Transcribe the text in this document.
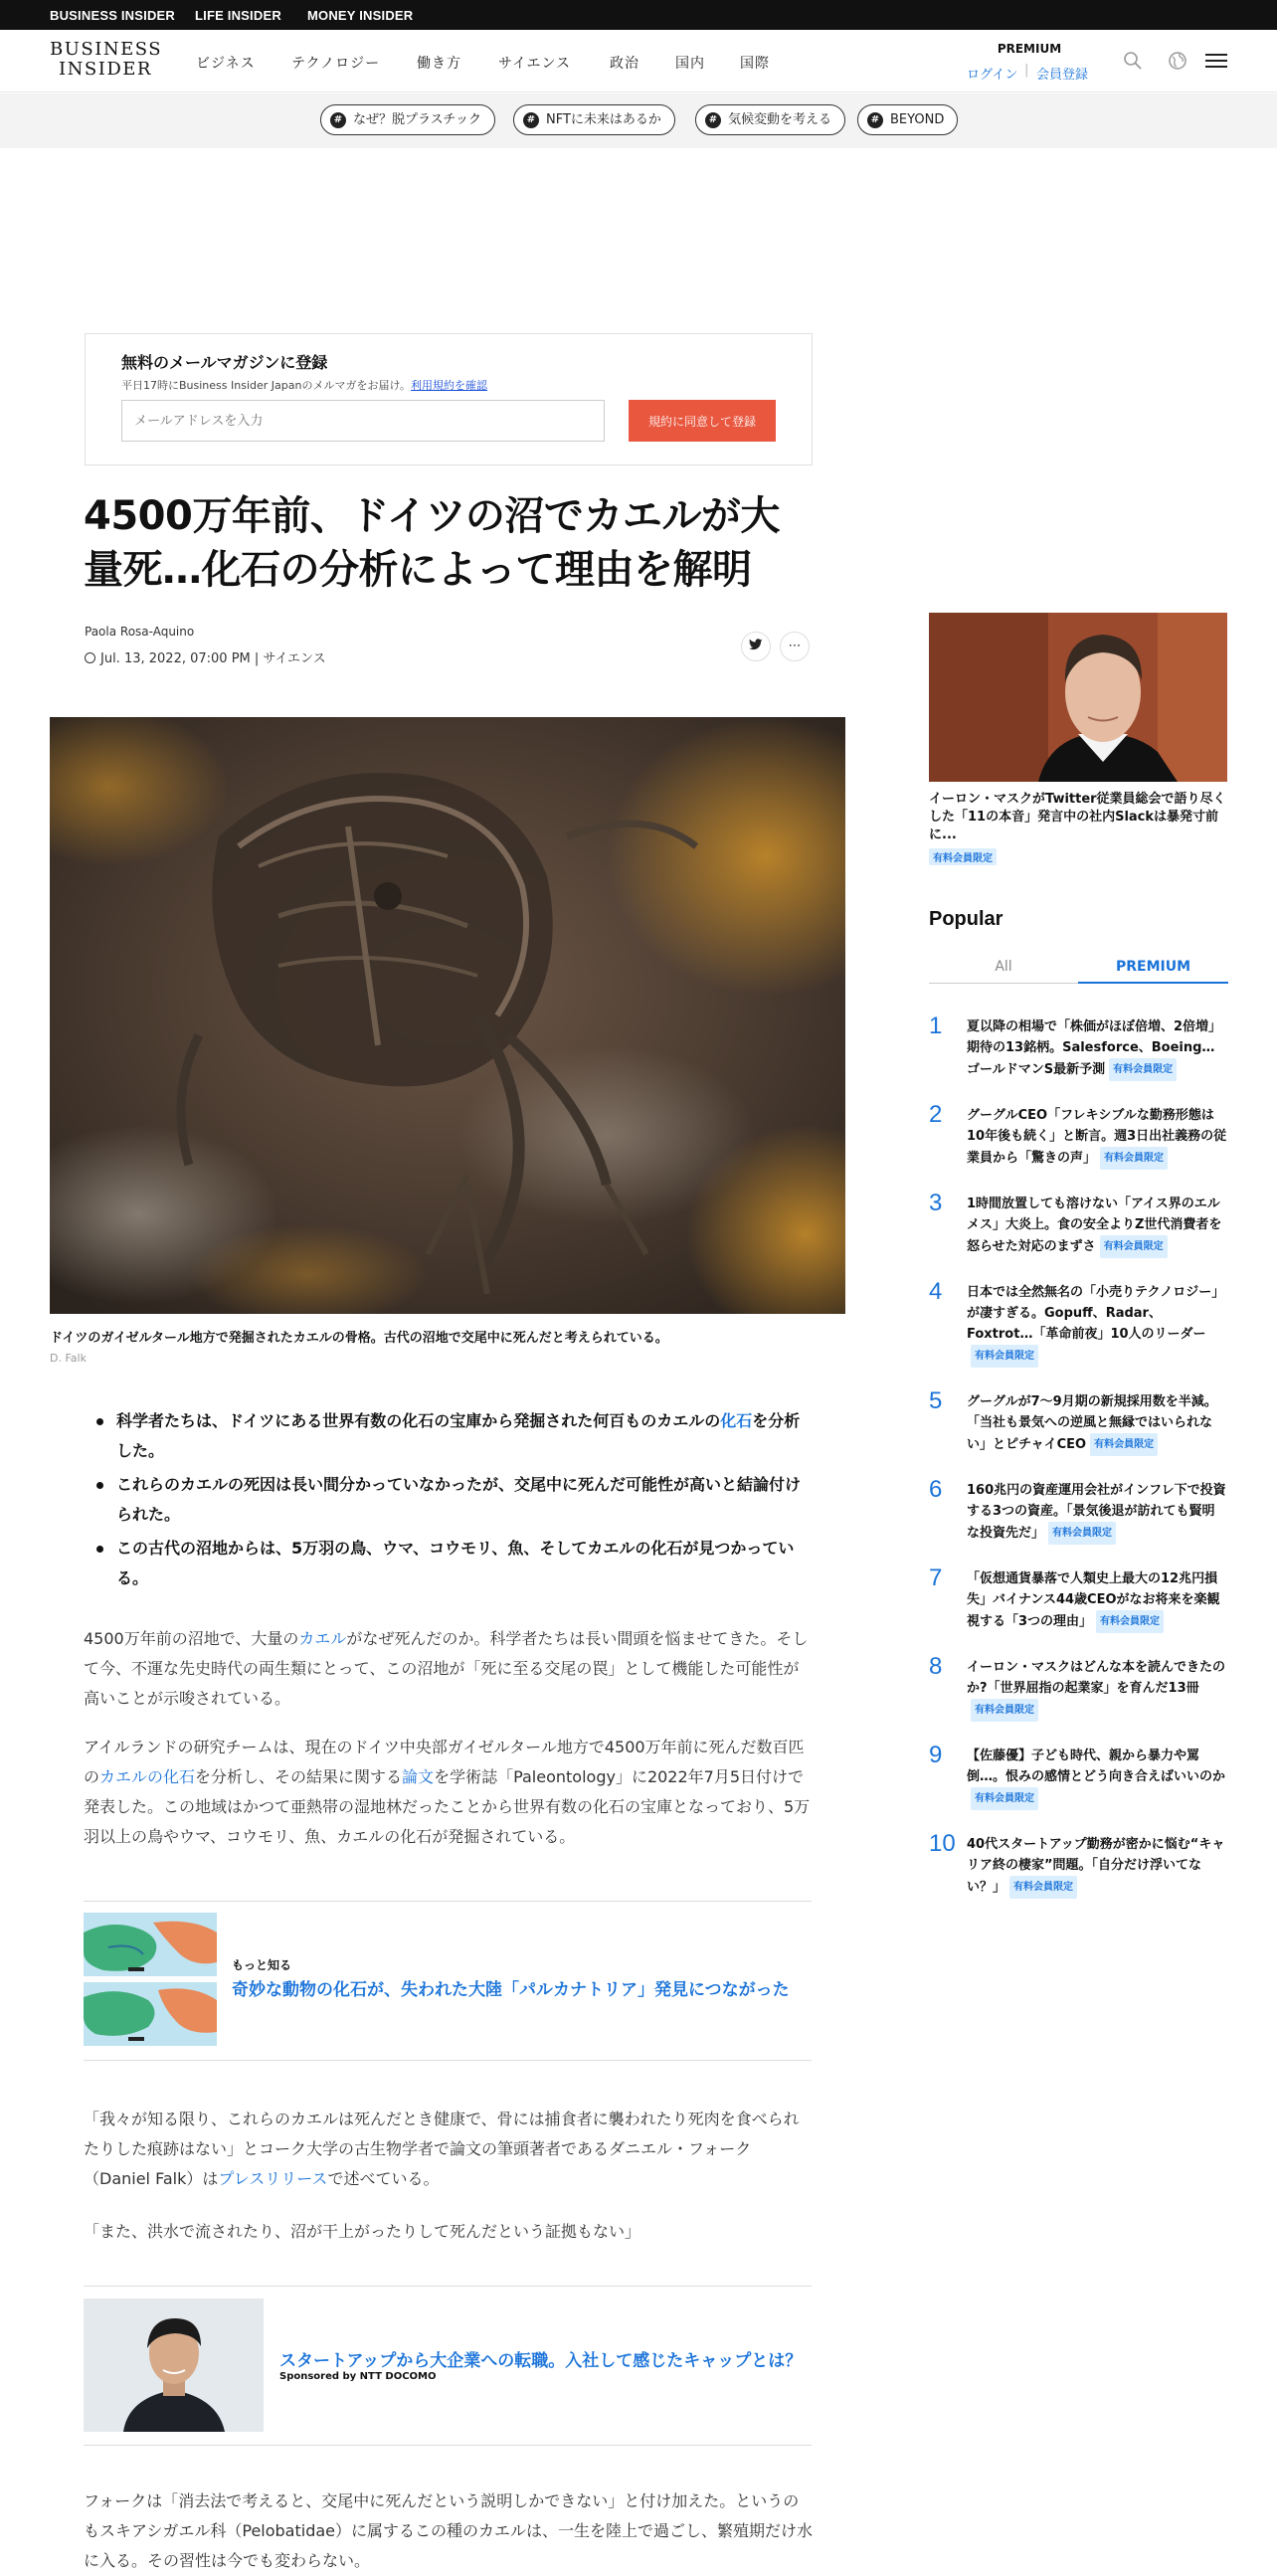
BUSINESS INSIDER LIFE INSIDER MONEY INSIDER
BUSINESS
INSIDER	ビジネス	テクノロジー	働き方	サイエンス	政治	国内	国際
PREMIUM
ログイン | 会員登録
# なぜ？脱プラスチック	# NFTに未来はあるか	# 気候変動を考える	# BEYOND
無料のメールマガジンに登録
平日17時にBusiness Insider Japanのメルマガをお届け。利用規約を確認
メールアドレスを入力
規約に同意して登録
4500万年前、ドイツの沼でカエルが大
量死…化石の分析によって理由を解明
Paola Rosa-Aquino
Jul. 13, 2022, 07:00 PM | サイエンス
⋯
ドイツのガイゼルタール地方で発掘されたカエルの骨格。古代の沼地で交尾中に死んだと考えられている。
D. Falk
科学者たちは、ドイツにある世界有数の化石の宝庫から発掘された何百ものカエルの化石を分析した。
これらのカエルの死因は長い間分かっていなかったが、交尾中に死んだ可能性が高いと結論付けられた。
この古代の沼地からは、5万羽の鳥、ウマ、コウモリ、魚、そしてカエルの化石が見つかっている。

4500万年前の沼地で、大量のカエルがなぜ死んだのか。科学者たちは長い間頭を悩ませてきた。そして今、不運な先史時代の両生類にとって、この沼地が「死に至る交尾の罠」として機能した可能性が高いことが示唆されている。

アイルランドの研究チームは、現在のドイツ中央部ガイゼルタール地方で4500万年前に死んだ数百匹のカエルの化石を分析し、その結果に関する論文を学術誌「Paleontology」に2022年7月5日付けで発表した。この地域はかつて亜熱帯の湿地林だったことから世界有数の化石の宝庫となっており、5万羽以上の鳥やウマ、コウモリ、魚、カエルの化石が発掘されている。

もっと知る
奇妙な動物の化石が、失われた大陸「パルカナトリア」発見につながった

「我々が知る限り、これらのカエルは死んだとき健康で、骨には捕食者に襲われたり死肉を食べられたりした痕跡はない」とコーク大学の古生物学者で論文の筆頭著者であるダニエル・フォーク（Daniel Falk）はプレスリリースで述べている。

「また、洪水で流されたり、沼が干上がったりして死んだという証拠もない」

スタートアップから大企業への転職。入社して感じたキャップとは？
Sponsored by NTT DOCOMO

フォークは「消去法で考えると、交尾中に死んだという説明しかできない」と付け加えた。というのもスキアシガエル科（Pelobatidae）に属するこの種のカエルは、一生を陸上で過ごし、繁殖期だけ水に入る。その習性は今でも変わらない。

イーロン・マスクがTwitter従業員総会で語り尽くした「11の本音」発言中の社内Slackは暴発寸前に...
有料会員限定
Popular
All	PREMIUM
1	夏以降の相場で「株価がほぼ倍増、2倍増」期待の13銘柄。Salesforce、Boeing…ゴールドマンS最新予測 有料会員限定
2	グーグルCEO「フレキシブルな勤務形態は10年後も続く」と断言。週3日出社義務の従業員から「驚きの声」 有料会員限定
3	1時間放置しても溶けない「アイス界のエルメス」大炎上。食の安全よりZ世代消費者を怒らせた対応のまずさ 有料会員限定
4	日本では全然無名の「小売りテクノロジー」が凄すぎる。Gopuff、Radar、Foxtrot…「革命前夜」10人のリーダー有料会員限定
5	グーグルが7〜9月期の新規採用数を半減。「当社も景気への逆風と無縁ではいられない」とピチャイCEO 有料会員限定
6	160兆円の資産運用会社がインフレ下で投資する3つの資産。「景気後退が訪れても賢明な投資先だ」 有料会員限定
7	「仮想通貨暴落で人類史上最大の12兆円損失」バイナンス44歳CEOがなお将来を楽観視する「3つの理由」 有料会員限定
8	イーロン・マスクはどんな本を読んできたのか?「世界屈指の起業家」を育んだ13冊有料会員限定
9	【佐藤優】子ども時代、親から暴力や罵倒…。恨みの感情とどう向き合えばいいのか有料会員限定
10 40代スタートアップ勤務が密かに悩む“キャリア終の棲家”問題。「自分だけ浮いてない？」 有料会員限定
